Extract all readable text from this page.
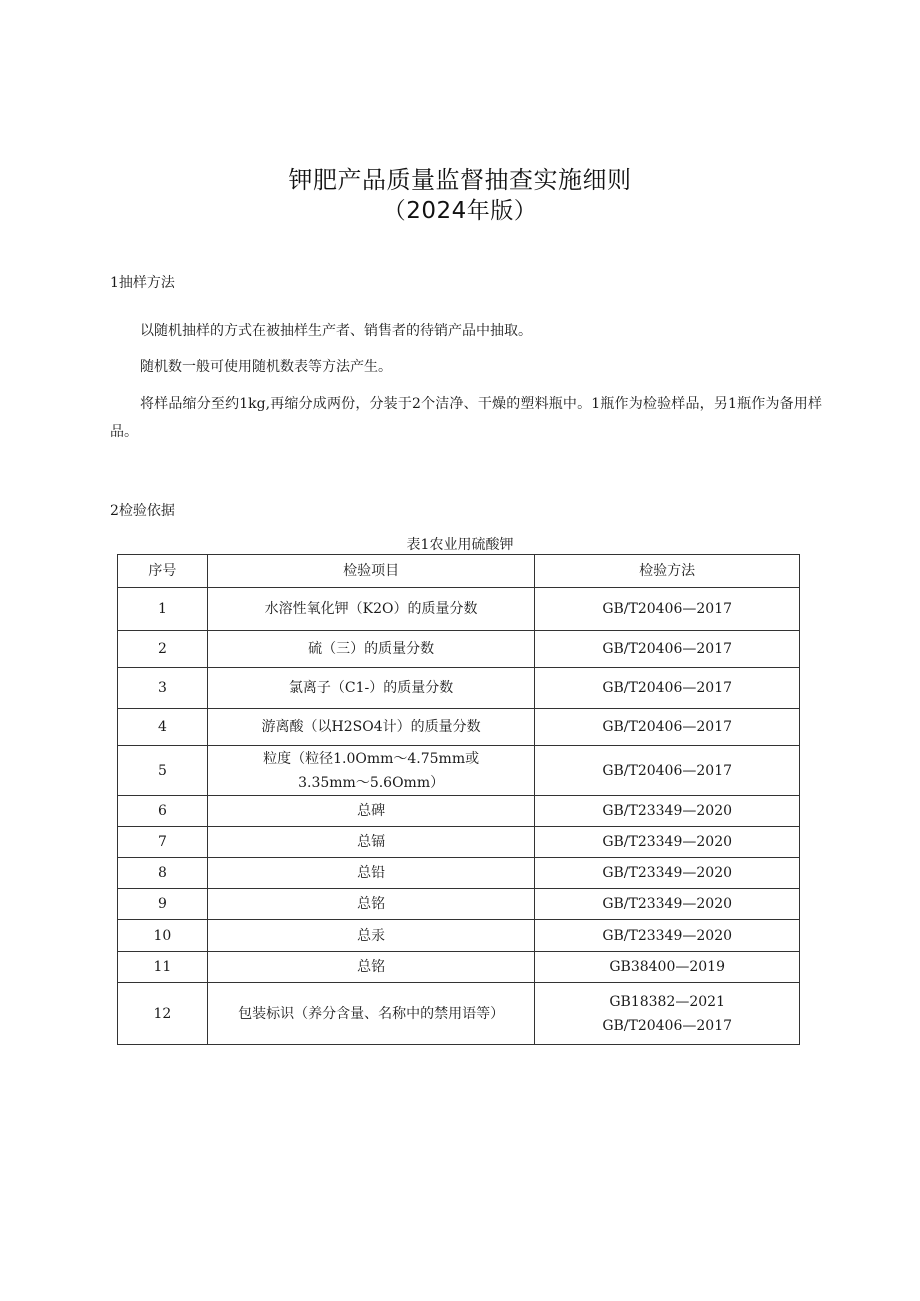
钾肥产品质量监督抽查实施细则
（2024年版）
1抽样方法
以随机抽样的方式在被抽样生产者、销售者的待销产品中抽取。
随机数一般可使用随机数表等方法产生。
将样品缩分至约1kg,再缩分成两份，分装于2个洁净、干燥的塑料瓶中。1瓶作为检验样品，另1瓶作为备用样品。
2检验依据
表1农业用硫酸钾
序号	检验项目	检验方法
1	水溶性氧化钾（K2O）的质量分数	GB/T20406—2017
2	硫（三）的质量分数	GB/T20406—2017
3	氯离子（C1-）的质量分数	GB/T20406—2017
4	游离酸（以H2SO4计）的质量分数	GB/T20406—2017
5	粒度（粒径1.0Omm～4.75mm或
3.35mm～5.6Omm）	GB/T20406—2017
6	总碑	GB/T23349—2020
7	总镉	GB/T23349—2020
8	总铅	GB/T23349—2020
9	总铭	GB/T23349—2020
10	总汞	GB/T23349—2020
11	总铭	GB38400—2019
12	包装标识（养分含量、名称中的禁用语等）	GB18382—2021
GB/T20406—2017
